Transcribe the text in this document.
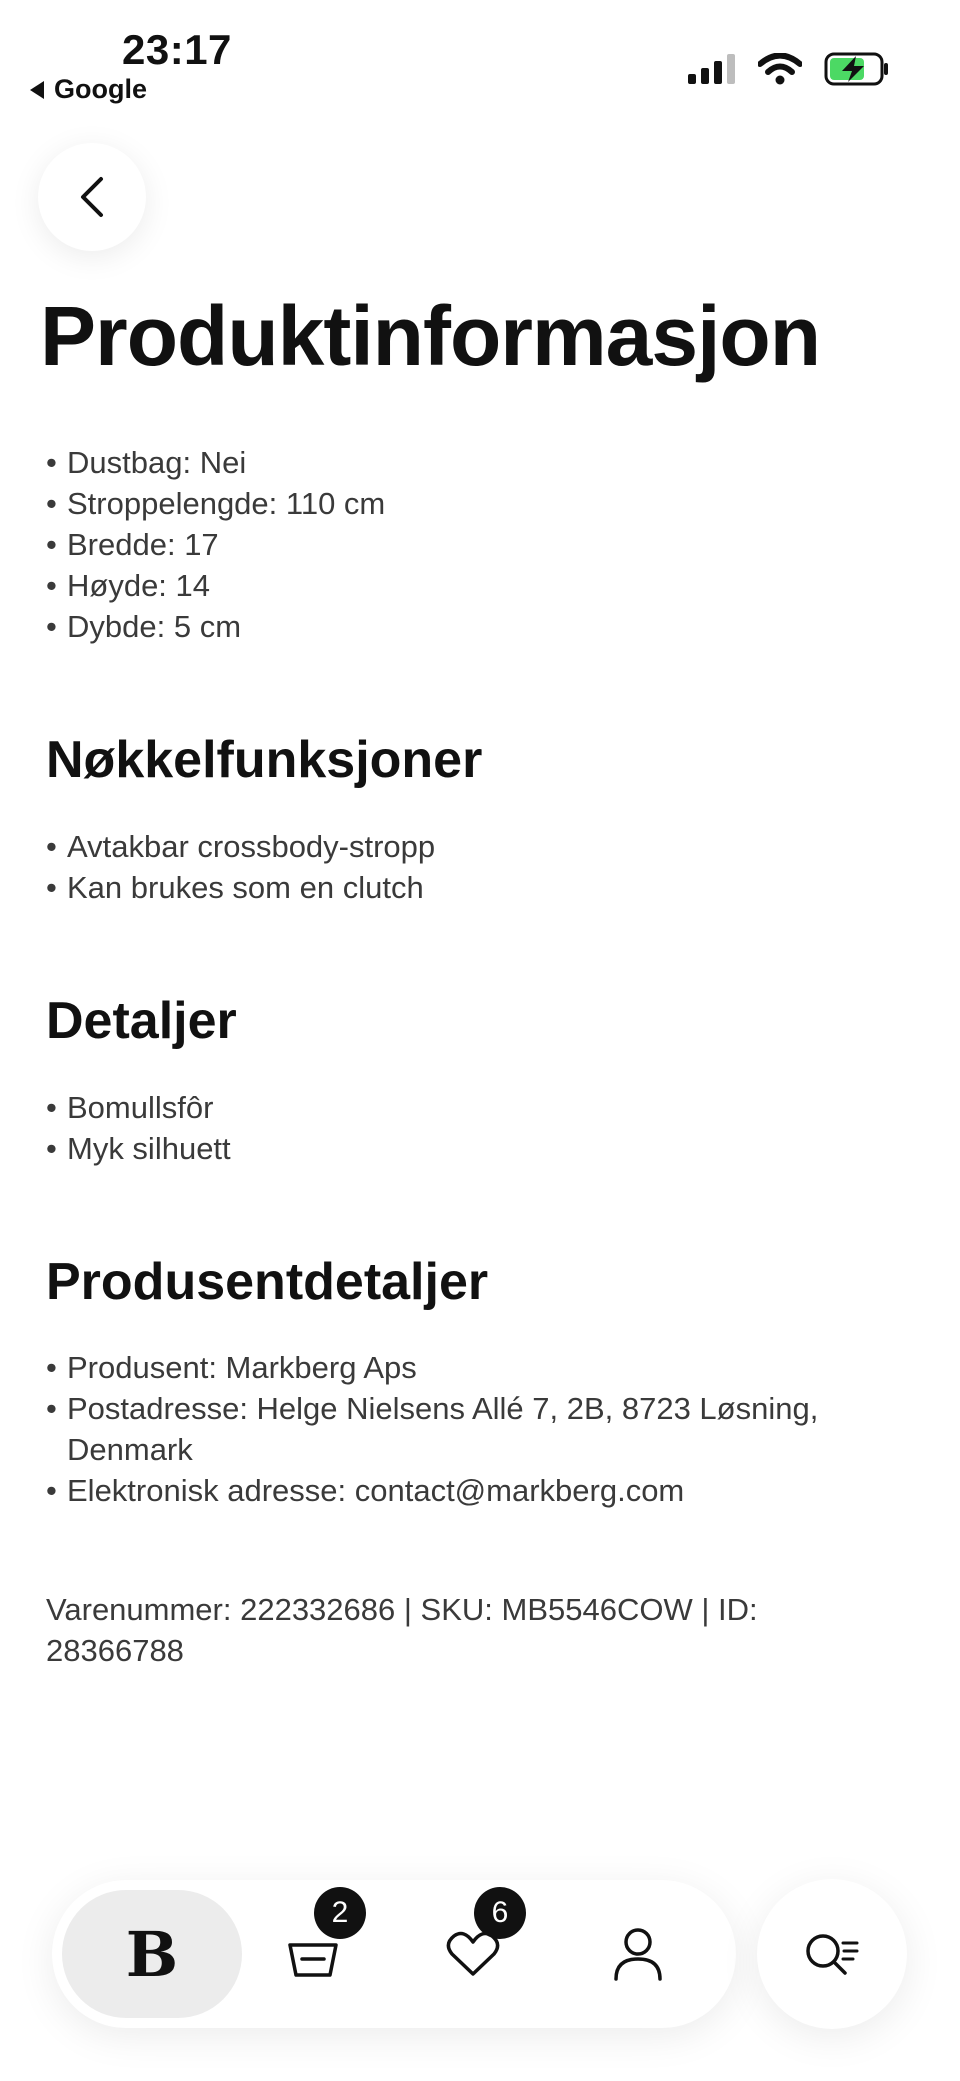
23:17
Google
Produktinformasjon
• Dustbag: Nei
• Stroppelengde: 110 cm
• Bredde: 17
• Høyde: 14
• Dybde: 5 cm
Nøkkelfunksjoner
• Avtakbar crossbody-stropp
• Kan brukes som en clutch
Detaljer
• Bomullsfôr
• Myk silhuett
Produsentdetaljer
• Produsent: Markberg Aps
• Postadresse: Helge Nielsens Allé 7, 2B, 8723 Løsning, Denmark
• Elektronisk adresse: contact@markberg.com
Varenummer: 222332686 | SKU: MB5546COW | ID: 28366788
B
2	6
